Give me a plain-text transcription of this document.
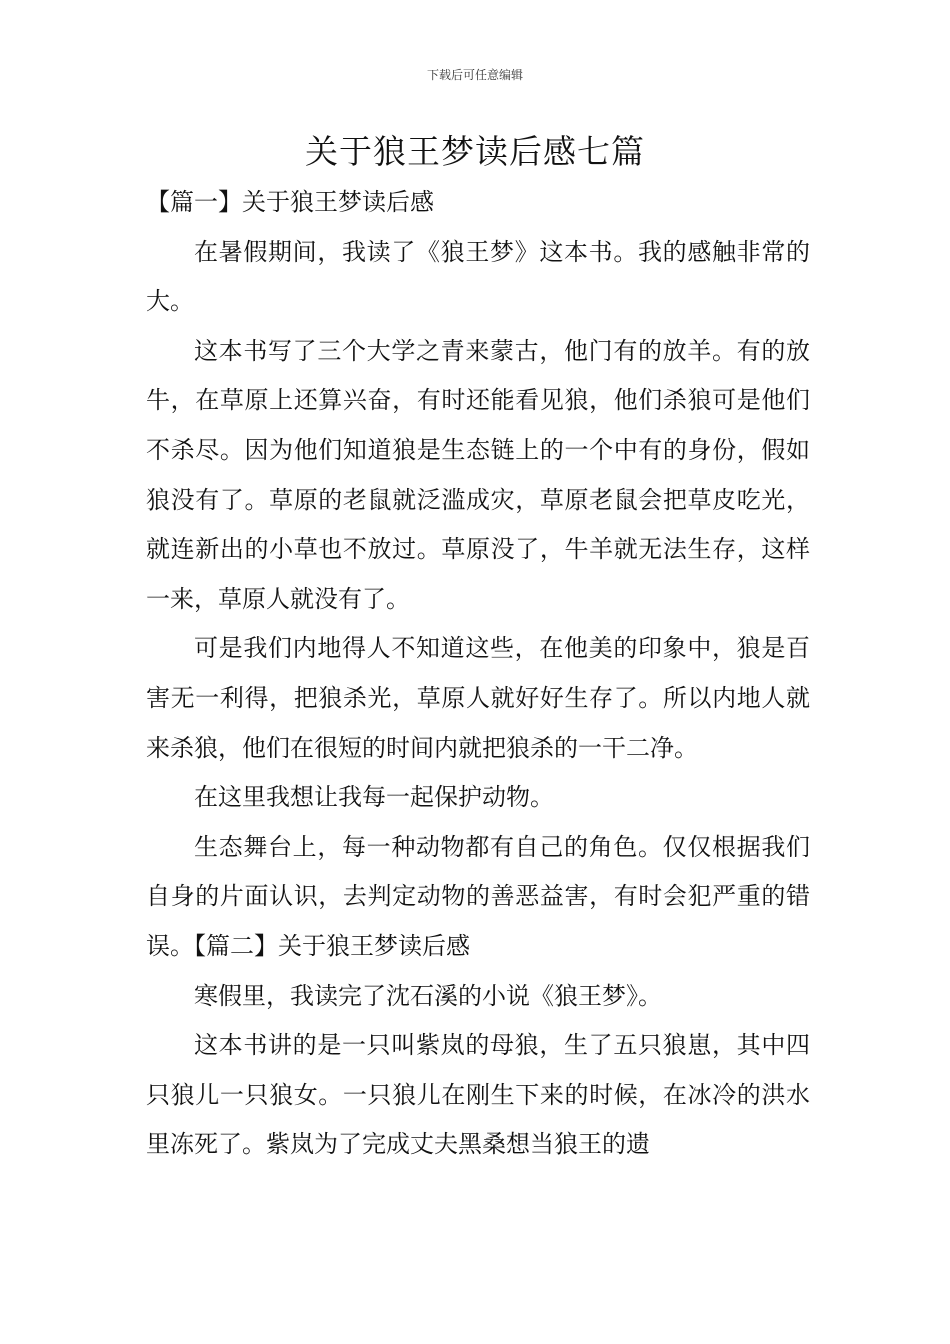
下载后可任意编辑
关于狼王梦读后感七篇

【篇一】关于狼王梦读后感

在暑假期间，我读了《狼王梦》这本书。我的感触非常的大。

这本书写了三个大学之青来蒙古，他门有的放羊。有的放牛，在草原上还算兴奋，有时还能看见狼，他们杀狼可是他们不杀尽。因为他们知道狼是生态链上的一个中有的身份，假如狼没有了。草原的老鼠就泛滥成灾，草原老鼠会把草皮吃光，就连新出的小草也不放过。草原没了，牛羊就无法生存，这样一来，草原人就没有了。

可是我们内地得人不知道这些，在他美的印象中，狼是百害无一利得，把狼杀光，草原人就好好生存了。所以内地人就来杀狼，他们在很短的时间内就把狼杀的一干二净。

在这里我想让我每一起保护动物。

生态舞台上，每一种动物都有自己的角色。仅仅根据我们自身的片面认识，去判定动物的善恶益害，有时会犯严重的错误。【篇二】关于狼王梦读后感

寒假里，我读完了沈石溪的小说《狼王梦》。

这本书讲的是一只叫紫岚的母狼，生了五只狼崽，其中四只狼儿一只狼女。一只狼儿在刚生下来的时候，在冰冷的洪水里冻死了。紫岚为了完成丈夫黑桑想当狼王的遗
